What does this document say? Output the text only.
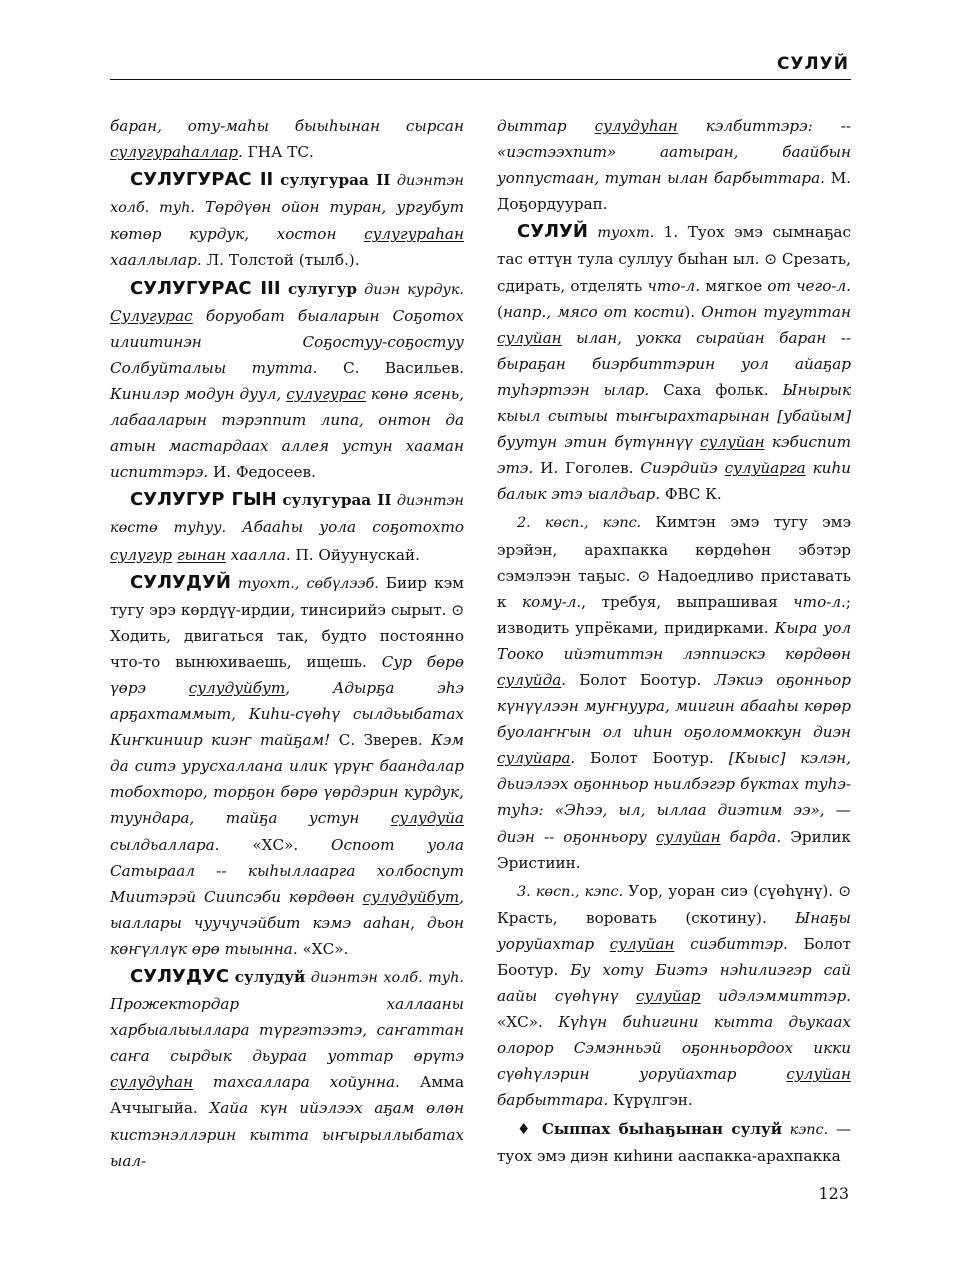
СУЛУЙ

баран, оту-маһы быыһынан сырсан сулугураһаллар. ГНА ТС.

СУЛУГУРАС II сулугураа II диэнтэн холб. туһ. Төрдүөн ойон туран, ургубут көтөр курдук, хостон сулугураһан хааллылар. Л. Толстой (тылб.).

СУЛУГУРАС III сулугур диэн курдук. Сулугурас боруобат быаларын Соҕотох илиитинэн Соҕостуу-соҕостуу Солбуйталыы тутта. С. Васильев. Кинилэр модун дуул, сулугурас көнө ясень, лабааларын тэрэппит липа, онтон да атын мастардаах аллея устун хааман испиттэрэ. И. Федосеев.

СУЛУГУР ГЫН сулугураа II диэнтэн көстө туһуу. Абааһы уола соҕотохто сулугур гынан хаалла. П. Ойуунускай.

СУЛУДУЙ туохт., сөбүлээб. Биир кэм тугу эрэ көрдүү-ирдии, тинсирийэ сырыт. ⊙ Ходить, двигаться так, будто постоянно что-то вынюхиваешь, ищешь. Сур бөрө үөрэ сулудуйбут, Адырҕа эһэ арҕахтаммыт, Киһи-сүөһү сылдьыбатах Киҥкиниир киэҥ тайҕам! С. Зверев. Кэм да ситэ урусхаллана илик үрүҥ баандалар тобохторо, торҕон бөрө үөрдэрин курдук, туундара, тайҕа устун сулудуйа сылдьаллара. «ХС». Оспоот уола Сатыраал -- кыһыллаарга холбоспут Миитэрэй Сиипсэби көрдөөн сулудуйбут, ыаллары чуучучэйбит кэмэ ааһан, дьон көҥүллүк өрө тыынна. «ХС».

СУЛУДУС сулудуй диэнтэн холб. туһ. Прожектордар халлааны харбыалыыллара түргэтээтэ, саҥаттан саҥа сырдык дьураа уоттар өрүтэ сулудуһан тахсаллара хойунна. Амма Аччыгыйа. Хайа күн ийэлээх аҕам өлөн кистэнэллэрин кытта ыҥырыллыбатах ыал-

дыттар сулудуһан кэлбиттэрэ: -- «иэстээхпит» аатыран, баайбын уоппустаан, тутан ылан барбыттара. М. Доҕордуурап.

СУЛУЙ туохт. 1. Туох эмэ сымнаҕас тас өттүн тула суллуу быһан ыл. ⊙ Срезать, сдирать, отделять что-л. мягкое от чего-л. (напр., мясо от кости). Онтон тугуттан сулуйан ылан, уокка сырайан баран -- быраҕан биэрбиттэрин уол айаҕар туһэртээн ылар. Саха фольк. Ынырык кыыл сытыы тыҥырахтарынан [убайым] буутун этин бүтүннүү сулуйан кэбиспит этэ. И. Гоголев. Сиэрдийэ сулуйарга киһи балык этэ ыалдьар. ФВС К.

2. көсп., кэпс. Кимтэн эмэ тугу эмэ эрэйэн, арахпакка көрдөһөн эбэтэр сэмэлээн таҕыс. ⊙ Надоедливо приставать к кому-л., требуя, выпрашивая что-л.; изводить упрёками, придирками. Кыра уол Тооко ийэтиттэн лэппиэскэ көрдөөн сулуйда. Болот Боотур. Лэкиэ оҕонньор күнүүлээн муҥнуура, миигин абааһы көрөр буолаҥҥын ол иһин оҕоломмоккун диэн сулуйара. Болот Боотур. [Кыыс] кэлэн, дьиэлээх оҕонньор ньилбэгэр бүктах туһэ-туһэ: «Эһээ, ыл, ыллаа диэтим ээ», — диэн -- оҕонньору сулуйан барда. Эрилик Эристиин.

3. көсп., кэпс. Уор, уоран сиэ (сүөһүнү). ⊙ Красть, воровать (скотину). Ынаҕы уоруйахтар сулуйан сиэбиттэр. Болот Боотур. Бу хоту Биэтэ нэһилиэгэр сай аайы сүөһүнү сулуйар идэлэммиттэр. «ХС». Күһүн биһигини кытта дьукаах олорор Сэмэнньэй оҕонньордоох икки сүөһүлэрин уоруйахтар сулуйан барбыттара. Күрүлгэн.

♦ Сыппах быһаҕынан сулуй кэпс. — туох эмэ диэн киһини ааспакка-арахпакка

123
